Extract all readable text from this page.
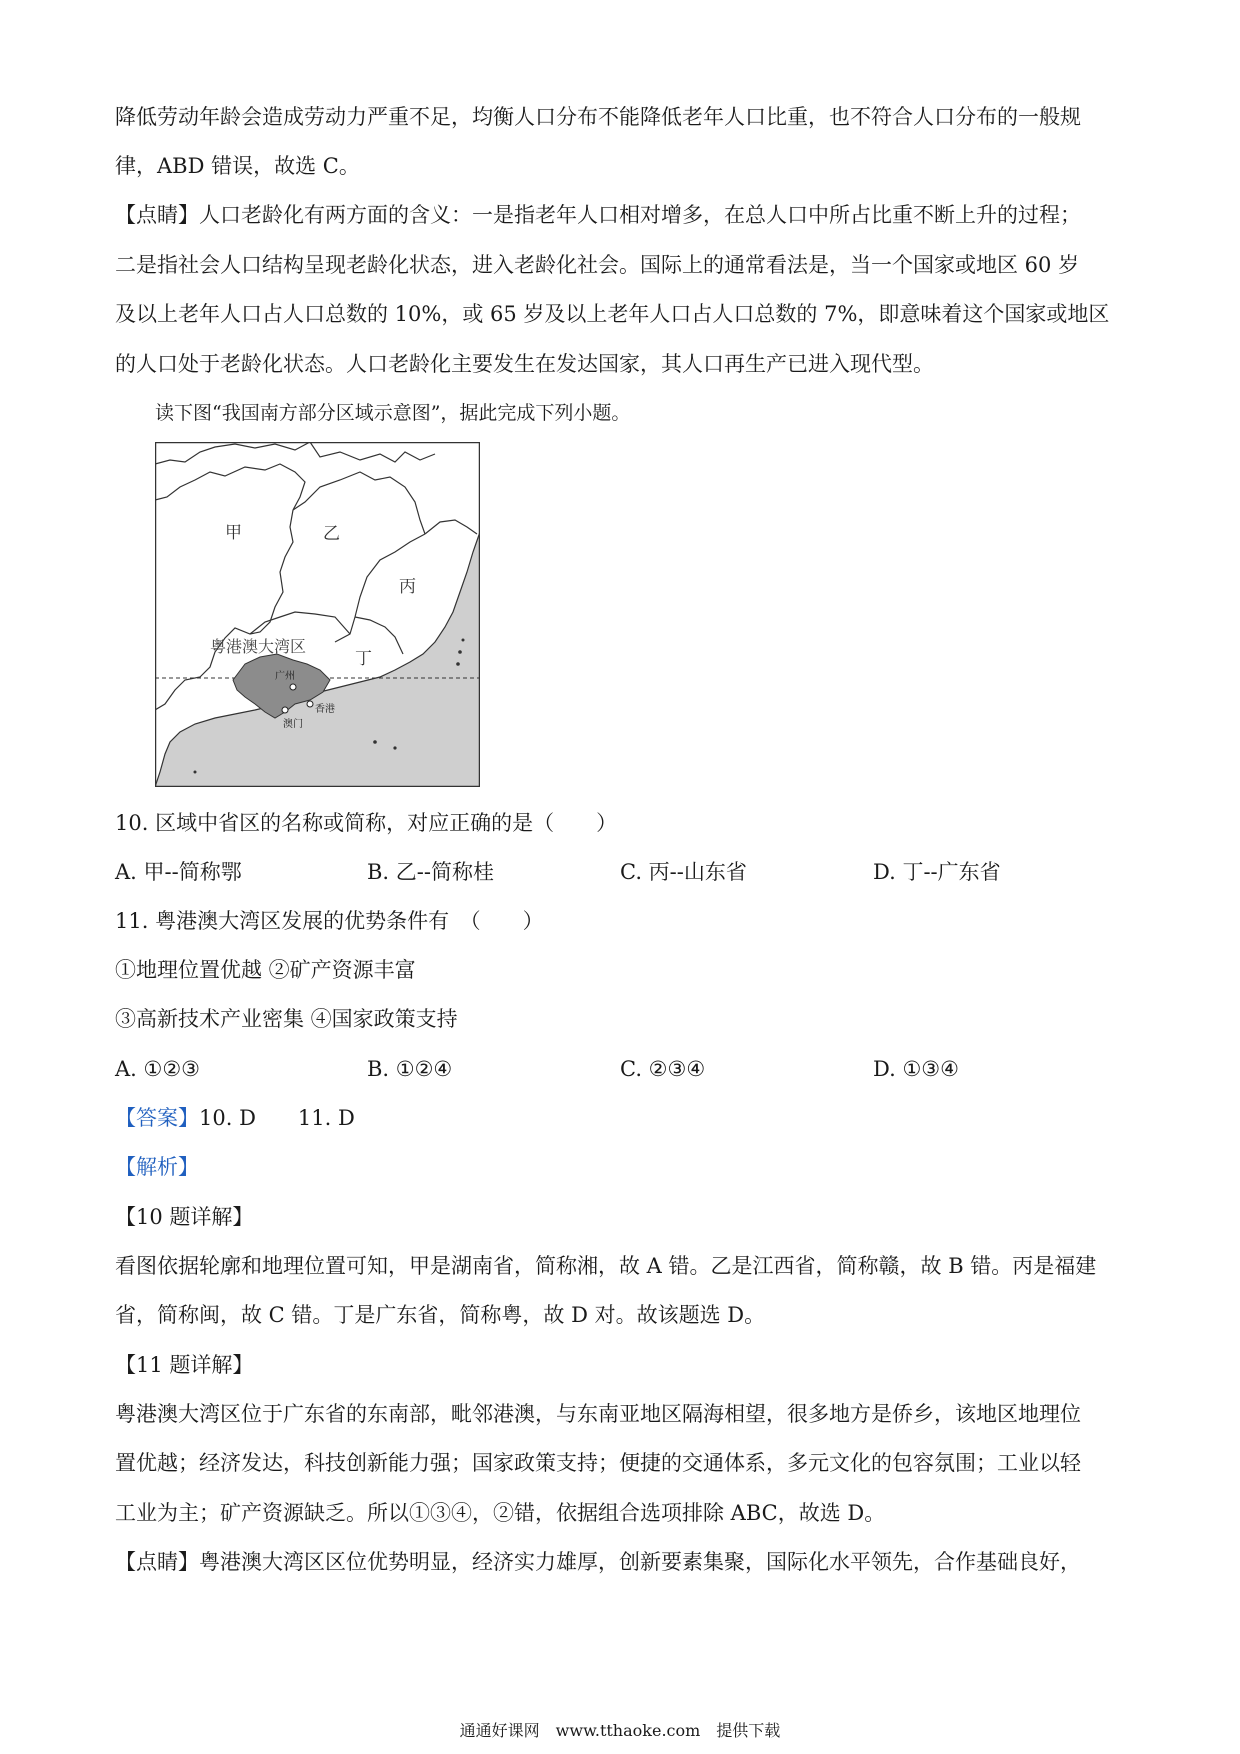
降低劳动年龄会造成劳动力严重不足，均衡人口分布不能降低老年人口比重，也不符合人口分布的一般规
律，ABD 错误，故选 C。
【点睛】人口老龄化有两方面的含义：一是指老年人口相对增多，在总人口中所占比重不断上升的过程；
二是指社会人口结构呈现老龄化状态，进入老龄化社会。国际上的通常看法是，当一个国家或地区 60 岁
及以上老年人口占人口总数的 10%，或 65 岁及以上老年人口占人口总数的 7%，即意味着这个国家或地区
的人口处于老龄化状态。人口老龄化主要发生在发达国家，其人口再生产已进入现代型。
读下图“我国南方部分区域示意图”，据此完成下列小题。
甲	乙
丙
丁
粤港澳大湾区
广州
香港
澳门
10. 区域中省区的名称或简称，对应正确的是（　　）
A. 甲--简称鄂	B. 乙--简称桂	C. 丙--山东省	D. 丁--广东省
11. 粤港澳大湾区发展的优势条件有　（　　）
①地理位置优越 ②矿产资源丰富
③高新技术产业密集 ④国家政策支持
A. ①②③	B. ①②④	C. ②③④	D. ①③④
【答案】10. D　　11. D
【解析】
【10 题详解】
看图依据轮廓和地理位置可知，甲是湖南省，简称湘，故 A 错。乙是江西省，简称赣，故 B 错。丙是福建
省，简称闽，故 C 错。丁是广东省，简称粤，故 D 对。故该题选 D。
【11 题详解】
粤港澳大湾区位于广东省的东南部，毗邻港澳，与东南亚地区隔海相望，很多地方是侨乡，该地区地理位
置优越；经济发达，科技创新能力强；国家政策支持；便捷的交通体系，多元文化的包容氛围；工业以轻
工业为主；矿产资源缺乏。所以①③④，②错，依据组合选项排除 ABC，故选 D。
【点睛】粤港澳大湾区区位优势明显，经济实力雄厚，创新要素集聚，国际化水平领先，合作基础良好，
通通好课网　www.tthaoke.com　提供下载
